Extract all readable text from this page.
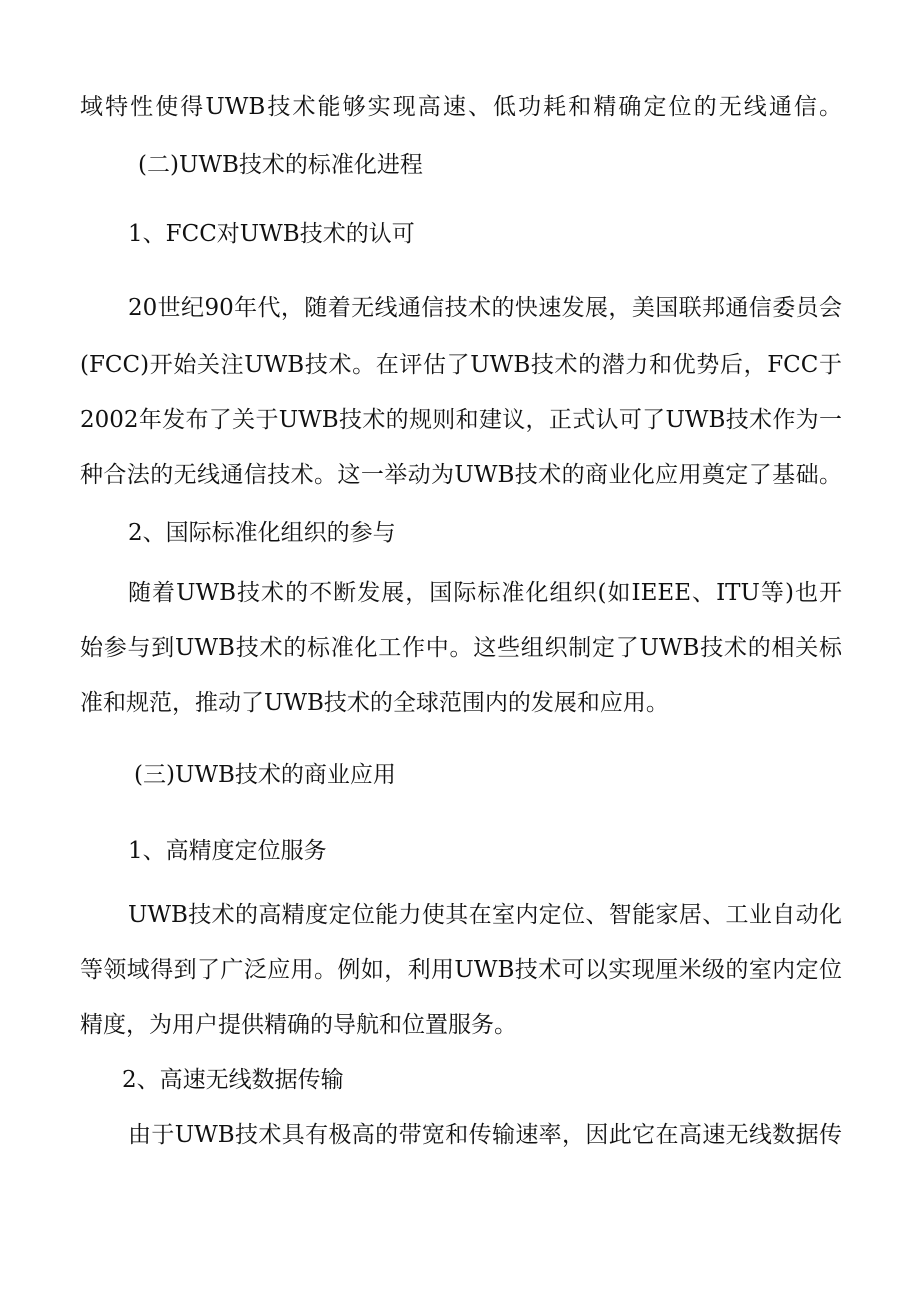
域特性使得UWB技术能够实现高速、低功耗和精确定位的无线通信。
(二)UWB技术的标准化进程
1、FCC对UWB技术的认可
20世纪90年代，随着无线通信技术的快速发展，美国联邦通信委员会
(FCC)开始关注UWB技术。在评估了UWB技术的潜力和优势后，FCC于
2002年发布了关于UWB技术的规则和建议，正式认可了UWB技术作为一
种合法的无线通信技术。这一举动为UWB技术的商业化应用奠定了基础。
2、国际标准化组织的参与
随着UWB技术的不断发展，国际标准化组织(如IEEE、ITU等)也开
始参与到UWB技术的标准化工作中。这些组织制定了UWB技术的相关标
准和规范，推动了UWB技术的全球范围内的发展和应用。
(三)UWB技术的商业应用
1、高精度定位服务
UWB技术的高精度定位能力使其在室内定位、智能家居、工业自动化
等领域得到了广泛应用。例如，利用UWB技术可以实现厘米级的室内定位
精度，为用户提供精确的导航和位置服务。
2、高速无线数据传输
由于UWB技术具有极高的带宽和传输速率，因此它在高速无线数据传
